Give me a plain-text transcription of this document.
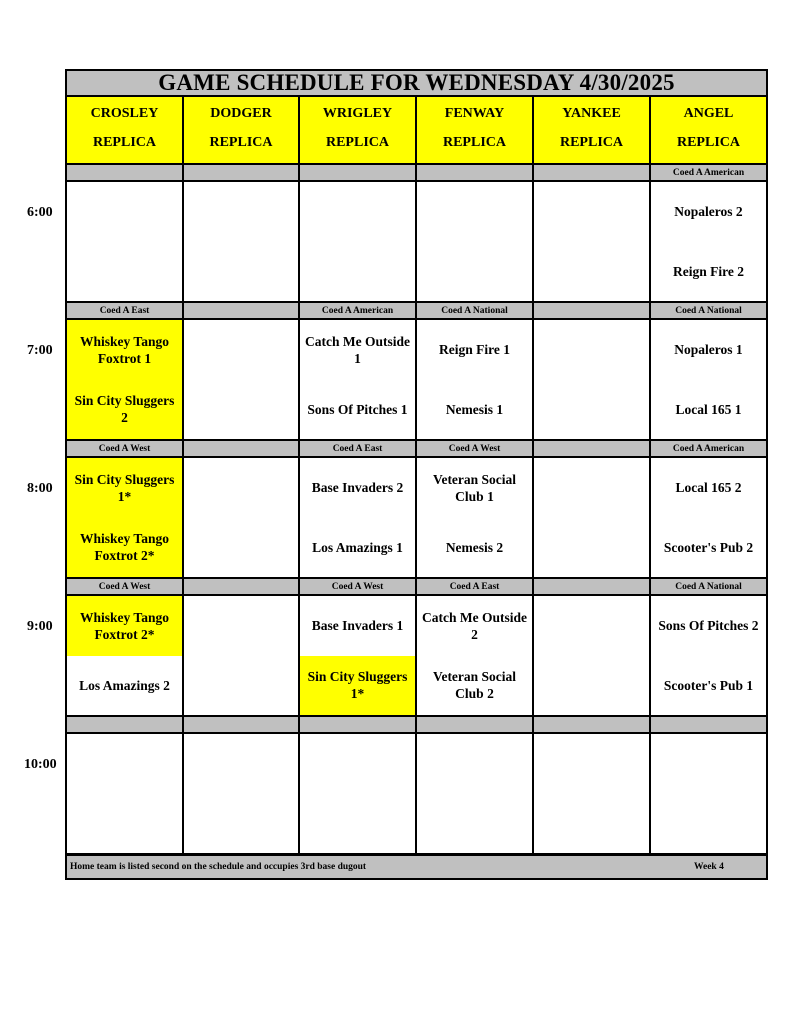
GAME SCHEDULE FOR WEDNESDAY 4/30/2025
CROSLEY
REPLICA
DODGER
REPLICA
WRIGLEY
REPLICA
FENWAY
REPLICA
YANKEE
REPLICA
ANGEL
REPLICA
Coed A American
Nopaleros 2
Reign Fire 2
Coed A East
Whiskey Tango Foxtrot 1
Sin City Sluggers 2
Coed A American
Catch Me Outside 1
Sons Of Pitches 1
Coed A National
Reign Fire 1
Nemesis 1
Coed A National
Nopaleros 1
Local 165 1
Coed A West
Sin City Sluggers 1*
Whiskey Tango Foxtrot 2*
Coed A East
Base Invaders 2
Los Amazings 1
Coed A West
Veteran Social Club 1
Nemesis 2
Coed A American
Local 165 2
Scooter's Pub 2
Coed A West
Whiskey Tango Foxtrot 2*
Los Amazings 2
Coed A West
Base Invaders 1
Sin City Sluggers 1*
Coed A East
Catch Me Outside 2
Veteran Social Club 2
Coed A National
Sons Of Pitches 2
Scooter's Pub 1
Home team is listed second on the schedule and occupies 3rd base dugout	Week 4
6:00
7:00
8:00
9:00
10:00
